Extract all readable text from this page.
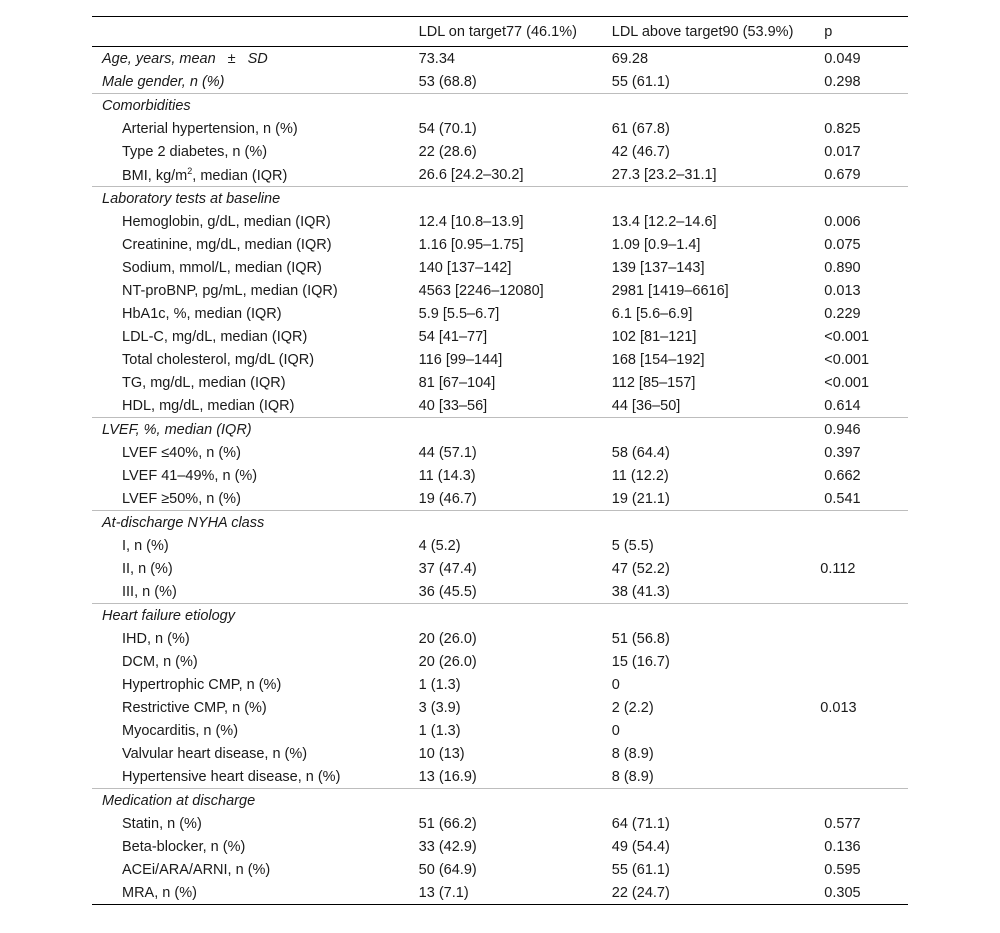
	LDL on target77 (46.1%)	LDL above target90 (53.9%)	p
Age, years, mean ± SD	73.34	69.28	0.049
Male gender, n (%)	53 (68.8)	55 (61.1)	0.298
Comorbidities			
Arterial hypertension, n (%)	54 (70.1)	61 (67.8)	0.825
Type 2 diabetes, n (%)	22 (28.6)	42 (46.7)	0.017
BMI, $kg/m^2$, median (IQR)	26.6 [24.2–30.2]	27.3 [23.2–31.1]	0.679
Laboratory tests at baseline			
Hemoglobin, g/dL, median (IQR)	12.4 [10.8–13.9]	13.4 [12.2–14.6]	0.006
Creatinine, mg/dL, median (IQR)	1.16 [0.95–1.75]	1.09 [0.9–1.4]	0.075
Sodium, mmol/L, median (IQR)	140 [137–142]	139 [137–143]	0.890
NT-proBNP, pg/mL, median (IQR)	4563 [2246–12080]	2981 [1419–6616]	0.013
HbA1c, %, median (IQR)	5.9 [5.5–6.7]	6.1 [5.6–6.9]	0.229
LDL-C, mg/dL, median (IQR)	54 [41–77]	102 [81–121]	<0.001
Total cholesterol, mg/dL (IQR)	116 [99–144]	168 [154–192]	<0.001
TG, mg/dL, median (IQR)	81 [67–104]	112 [85–157]	<0.001
HDL, mg/dL, median (IQR)	40 [33–56]	44 [36–50]	0.614
LVEF, %, median (IQR)			0.946
LVEF ≤40%, n (%)	44 (57.1)	58 (64.4)	0.397
LVEF 41–49%, n (%)	11 (14.3)	11 (12.2)	0.662
LVEF ≥50%, n (%)	19 (46.7)	19 (21.1)	0.541
At-discharge NYHA class			
I, n (%)	4 (5.2)	5 (5.5)	0.112
II, n (%)	37 (47.4)	47 (52.2)	
III, n (%)	36 (45.5)	38 (41.3)	
Heart failure etiology			
IHD, n (%)	20 (26.0)	51 (56.8)	0.013
DCM, n (%)	20 (26.0)	15 (16.7)	
Hypertrophic CMP, n (%)	1 (1.3)	0	
Restrictive CMP, n (%)	3 (3.9)	2 (2.2)	
Myocarditis, n (%)	1 (1.3)	0	
Valvular heart disease, n (%)	10 (13)	8 (8.9)	
Hypertensive heart disease, n (%)	13 (16.9)	8 (8.9)	
Medication at discharge			
Statin, n (%)	51 (66.2)	64 (71.1)	0.577
Beta-blocker, n (%)	33 (42.9)	49 (54.4)	0.136
ACEi/ARA/ARNI, n (%)	50 (64.9)	55 (61.1)	0.595
MRA, n (%)	13 (7.1)	22 (24.7)	0.305
